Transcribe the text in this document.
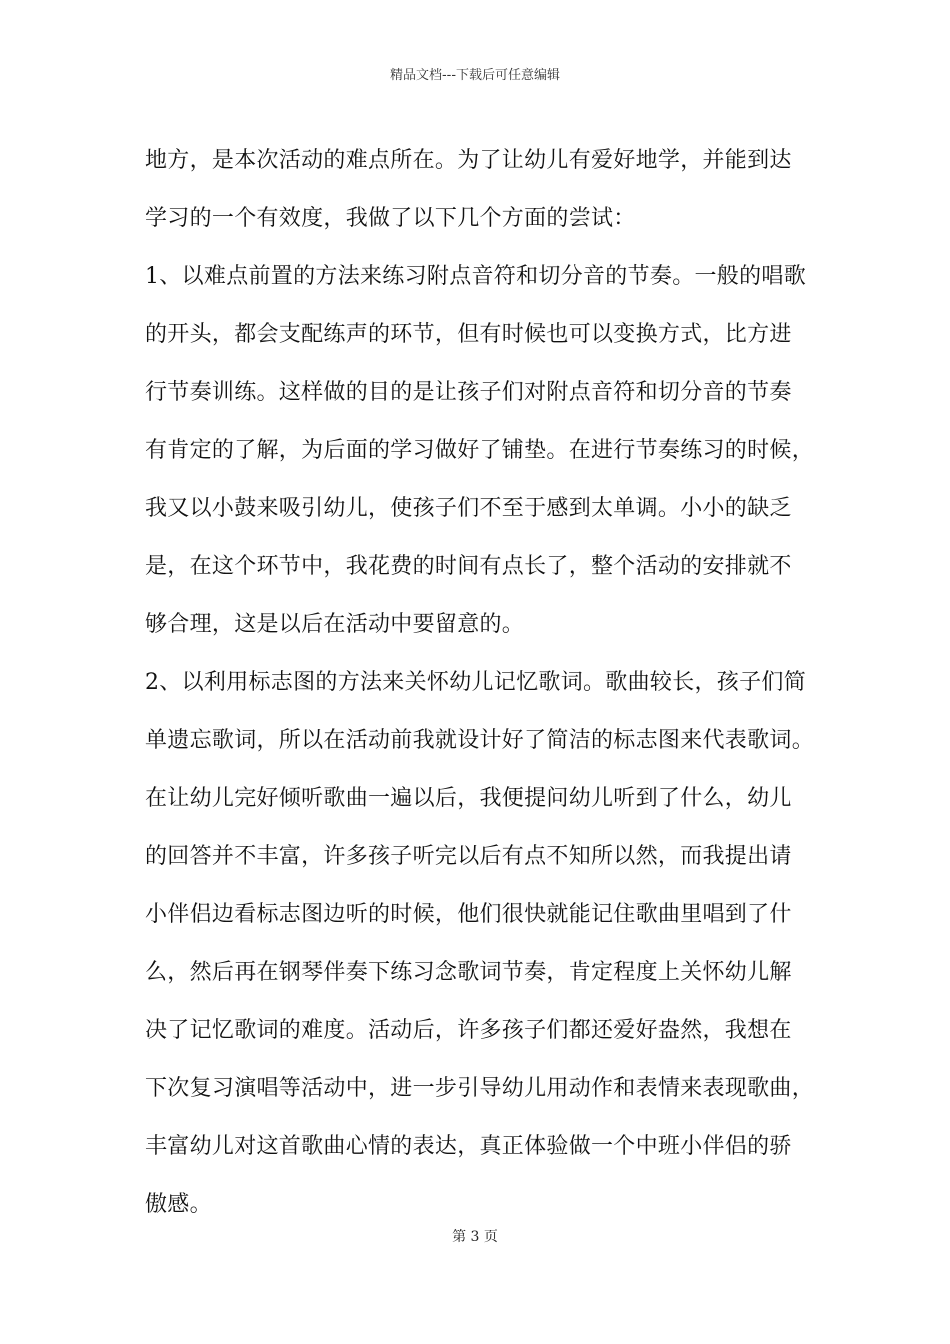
精品文档---下载后可任意编辑
地方，是本次活动的难点所在。为了让幼儿有爱好地学，并能到达
学习的一个有效度，我做了以下几个方面的尝试：
1、以难点前置的方法来练习附点音符和切分音的节奏。一般的唱歌
的开头，都会支配练声的环节，但有时候也可以变换方式，比方进
行节奏训练。这样做的目的是让孩子们对附点音符和切分音的节奏
有肯定的了解，为后面的学习做好了铺垫。在进行节奏练习的时候，
我又以小鼓来吸引幼儿，使孩子们不至于感到太单调。小小的缺乏
是，在这个环节中，我花费的时间有点长了，整个活动的安排就不
够合理，这是以后在活动中要留意的。
2、以利用标志图的方法来关怀幼儿记忆歌词。歌曲较长，孩子们简
单遗忘歌词，所以在活动前我就设计好了简洁的标志图来代表歌词。
在让幼儿完好倾听歌曲一遍以后，我便提问幼儿听到了什么，幼儿
的回答并不丰富，许多孩子听完以后有点不知所以然，而我提出请
小伴侣边看标志图边听的时候，他们很快就能记住歌曲里唱到了什
么，然后再在钢琴伴奏下练习念歌词节奏，肯定程度上关怀幼儿解
决了记忆歌词的难度。活动后，许多孩子们都还爱好盎然，我想在
下次复习演唱等活动中，进一步引导幼儿用动作和表情来表现歌曲，
丰富幼儿对这首歌曲心情的表达，真正体验做一个中班小伴侣的骄
傲感。
第 3 页
